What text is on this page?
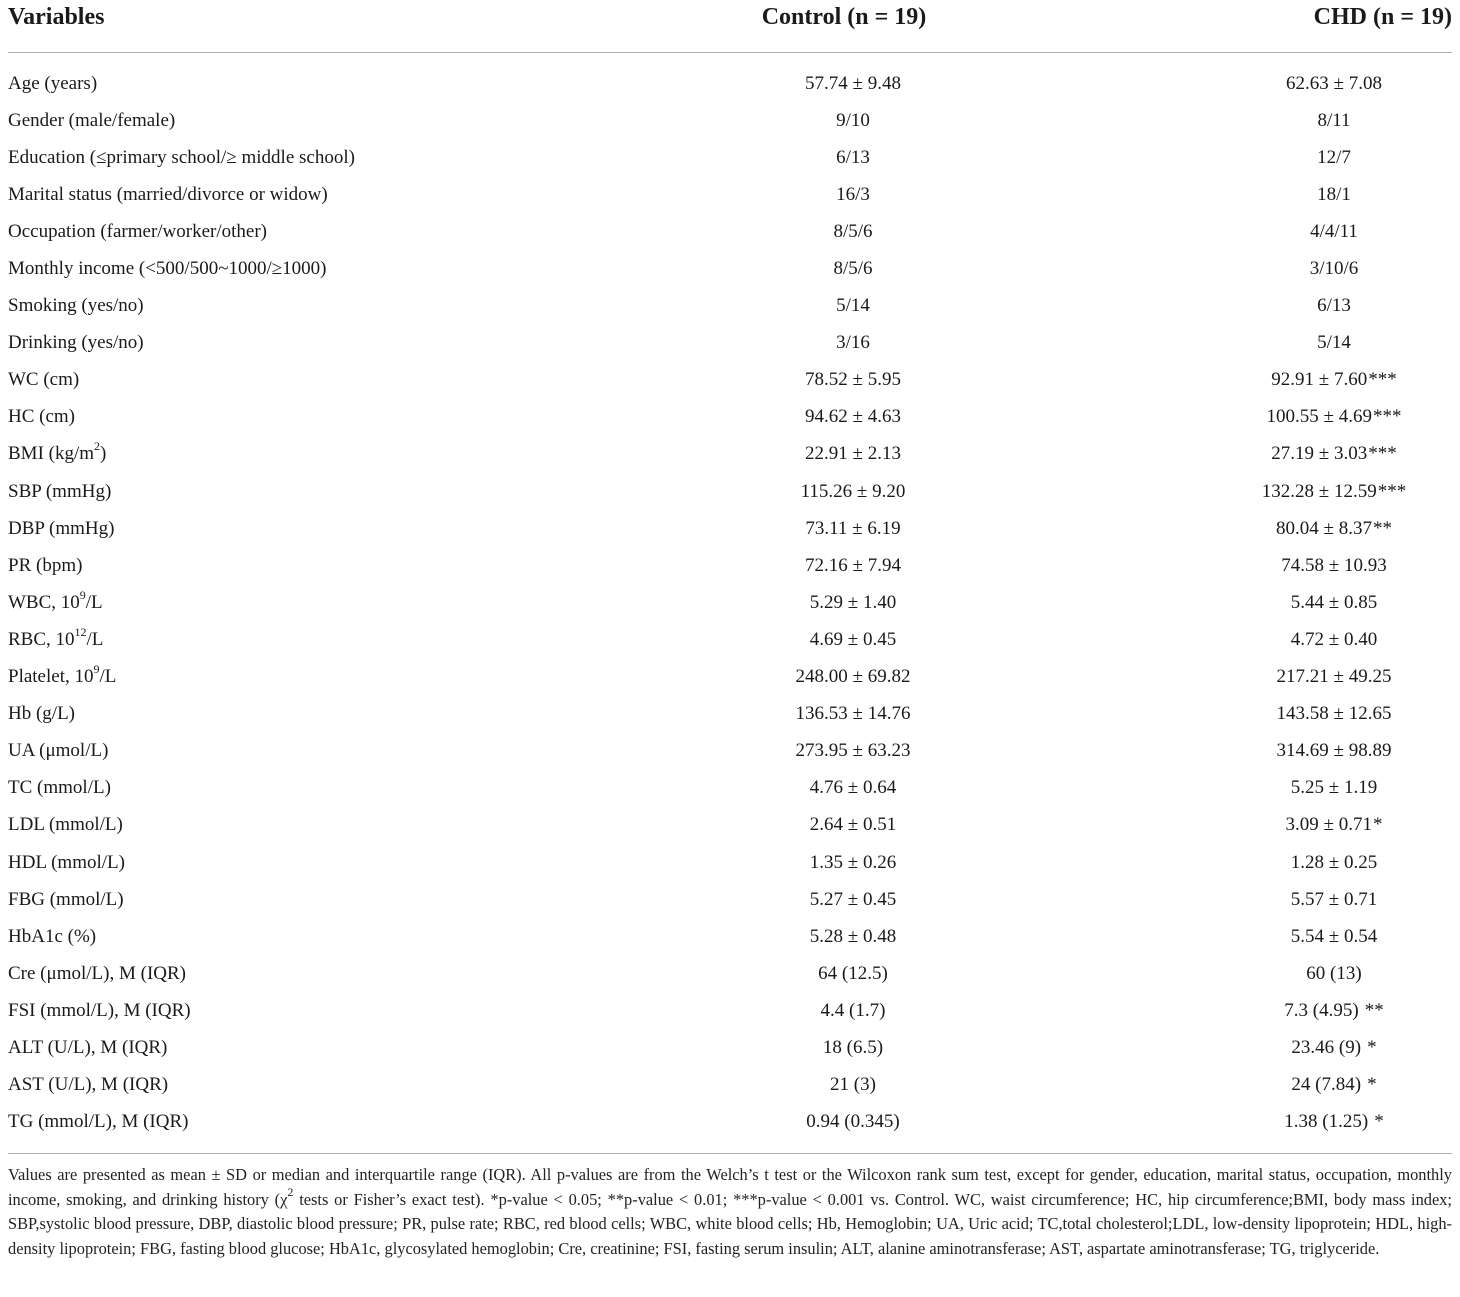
Variables	Control (n = 19)	CHD (n = 19)
Age (years)	57.74 ± 9.48	62.63 ± 7.08
Gender (male/female)	9/10	8/11
Education (≤primary school/≥ middle school)	6/13	12/7
Marital status (married/divorce or widow)	16/3	18/1
Occupation (farmer/worker/other)	8/5/6	4/4/11
Monthly income (<500/500~1000/≥1000)	8/5/6	3/10/6
Smoking (yes/no)	5/14	6/13
Drinking (yes/no)	3/16	5/14
WC (cm)	78.52 ± 5.95	92.91 ± 7.60***
HC (cm)	94.62 ± 4.63	100.55 ± 4.69***
BMI $(kg/m^2)$	22.91 ± 2.13	27.19 ± 3.03***
SBP (mmHg)	115.26 ± 9.20	132.28 ± 12.59***
DBP (mmHg)	73.11 ± 6.19	80.04 ± 8.37**
PR (bpm)	72.16 ± 7.94	74.58 ± 10.93
WBC, $10^9/L$	5.29 ± 1.40	5.44 ± 0.85
RBC, $10^{12}/L$	4.69 ± 0.45	4.72 ± 0.40
Platelet, $10^9/L$	248.00 ± 69.82	217.21 ± 49.25
Hb (g/L)	136.53 ± 14.76	143.58 ± 12.65
UA (μmol/L)	273.95 ± 63.23	314.69 ± 98.89
TC (mmol/L)	4.76 ± 0.64	5.25 ± 1.19
LDL (mmol/L)	2.64 ± 0.51	3.09 ± 0.71*
HDL (mmol/L)	1.35 ± 0.26	1.28 ± 0.25
FBG (mmol/L)	5.27 ± 0.45	5.57 ± 0.71
HbA1c (%)	5.28 ± 0.48	5.54 ± 0.54
Cre (μmol/L), M (IQR)	64 (12.5)	60 (13)
FSI (mmol/L), M (IQR)	4.4 (1.7)	7.3 (4.95) **
ALT (U/L), M (IQR)	18 (6.5)	23.46 (9) *
AST (U/L), M (IQR)	21 (3)	24 (7.84) *
TG (mmol/L), M (IQR)	0.94 (0.345)	1.38 (1.25) *
Values are presented as mean ± SD or median and interquartile range (IQR). All p-values are from the Welch’s t test or the Wilcoxon rank sum test, except for gender, education, marital status, occupation, monthly income, smoking, and drinking history ($\chi^2$ tests or Fisher’s exact test). *p-value < 0.05; **p-value < 0.01; ***p-value < 0.001 vs. Control. WC, waist circumference; HC, hip circumference;BMI, body mass index; SBP,systolic blood pressure, DBP, diastolic blood pressure; PR, pulse rate; RBC, red blood cells; WBC, white blood cells; Hb, Hemoglobin; UA, Uric acid; TC,total cholesterol;LDL, low-density lipoprotein; HDL, high-density lipoprotein; FBG, fasting blood glucose; HbA1c, glycosylated hemoglobin; Cre, creatinine; FSI, fasting serum insulin; ALT, alanine aminotransferase; AST, aspartate aminotransferase; TG, triglyceride.
